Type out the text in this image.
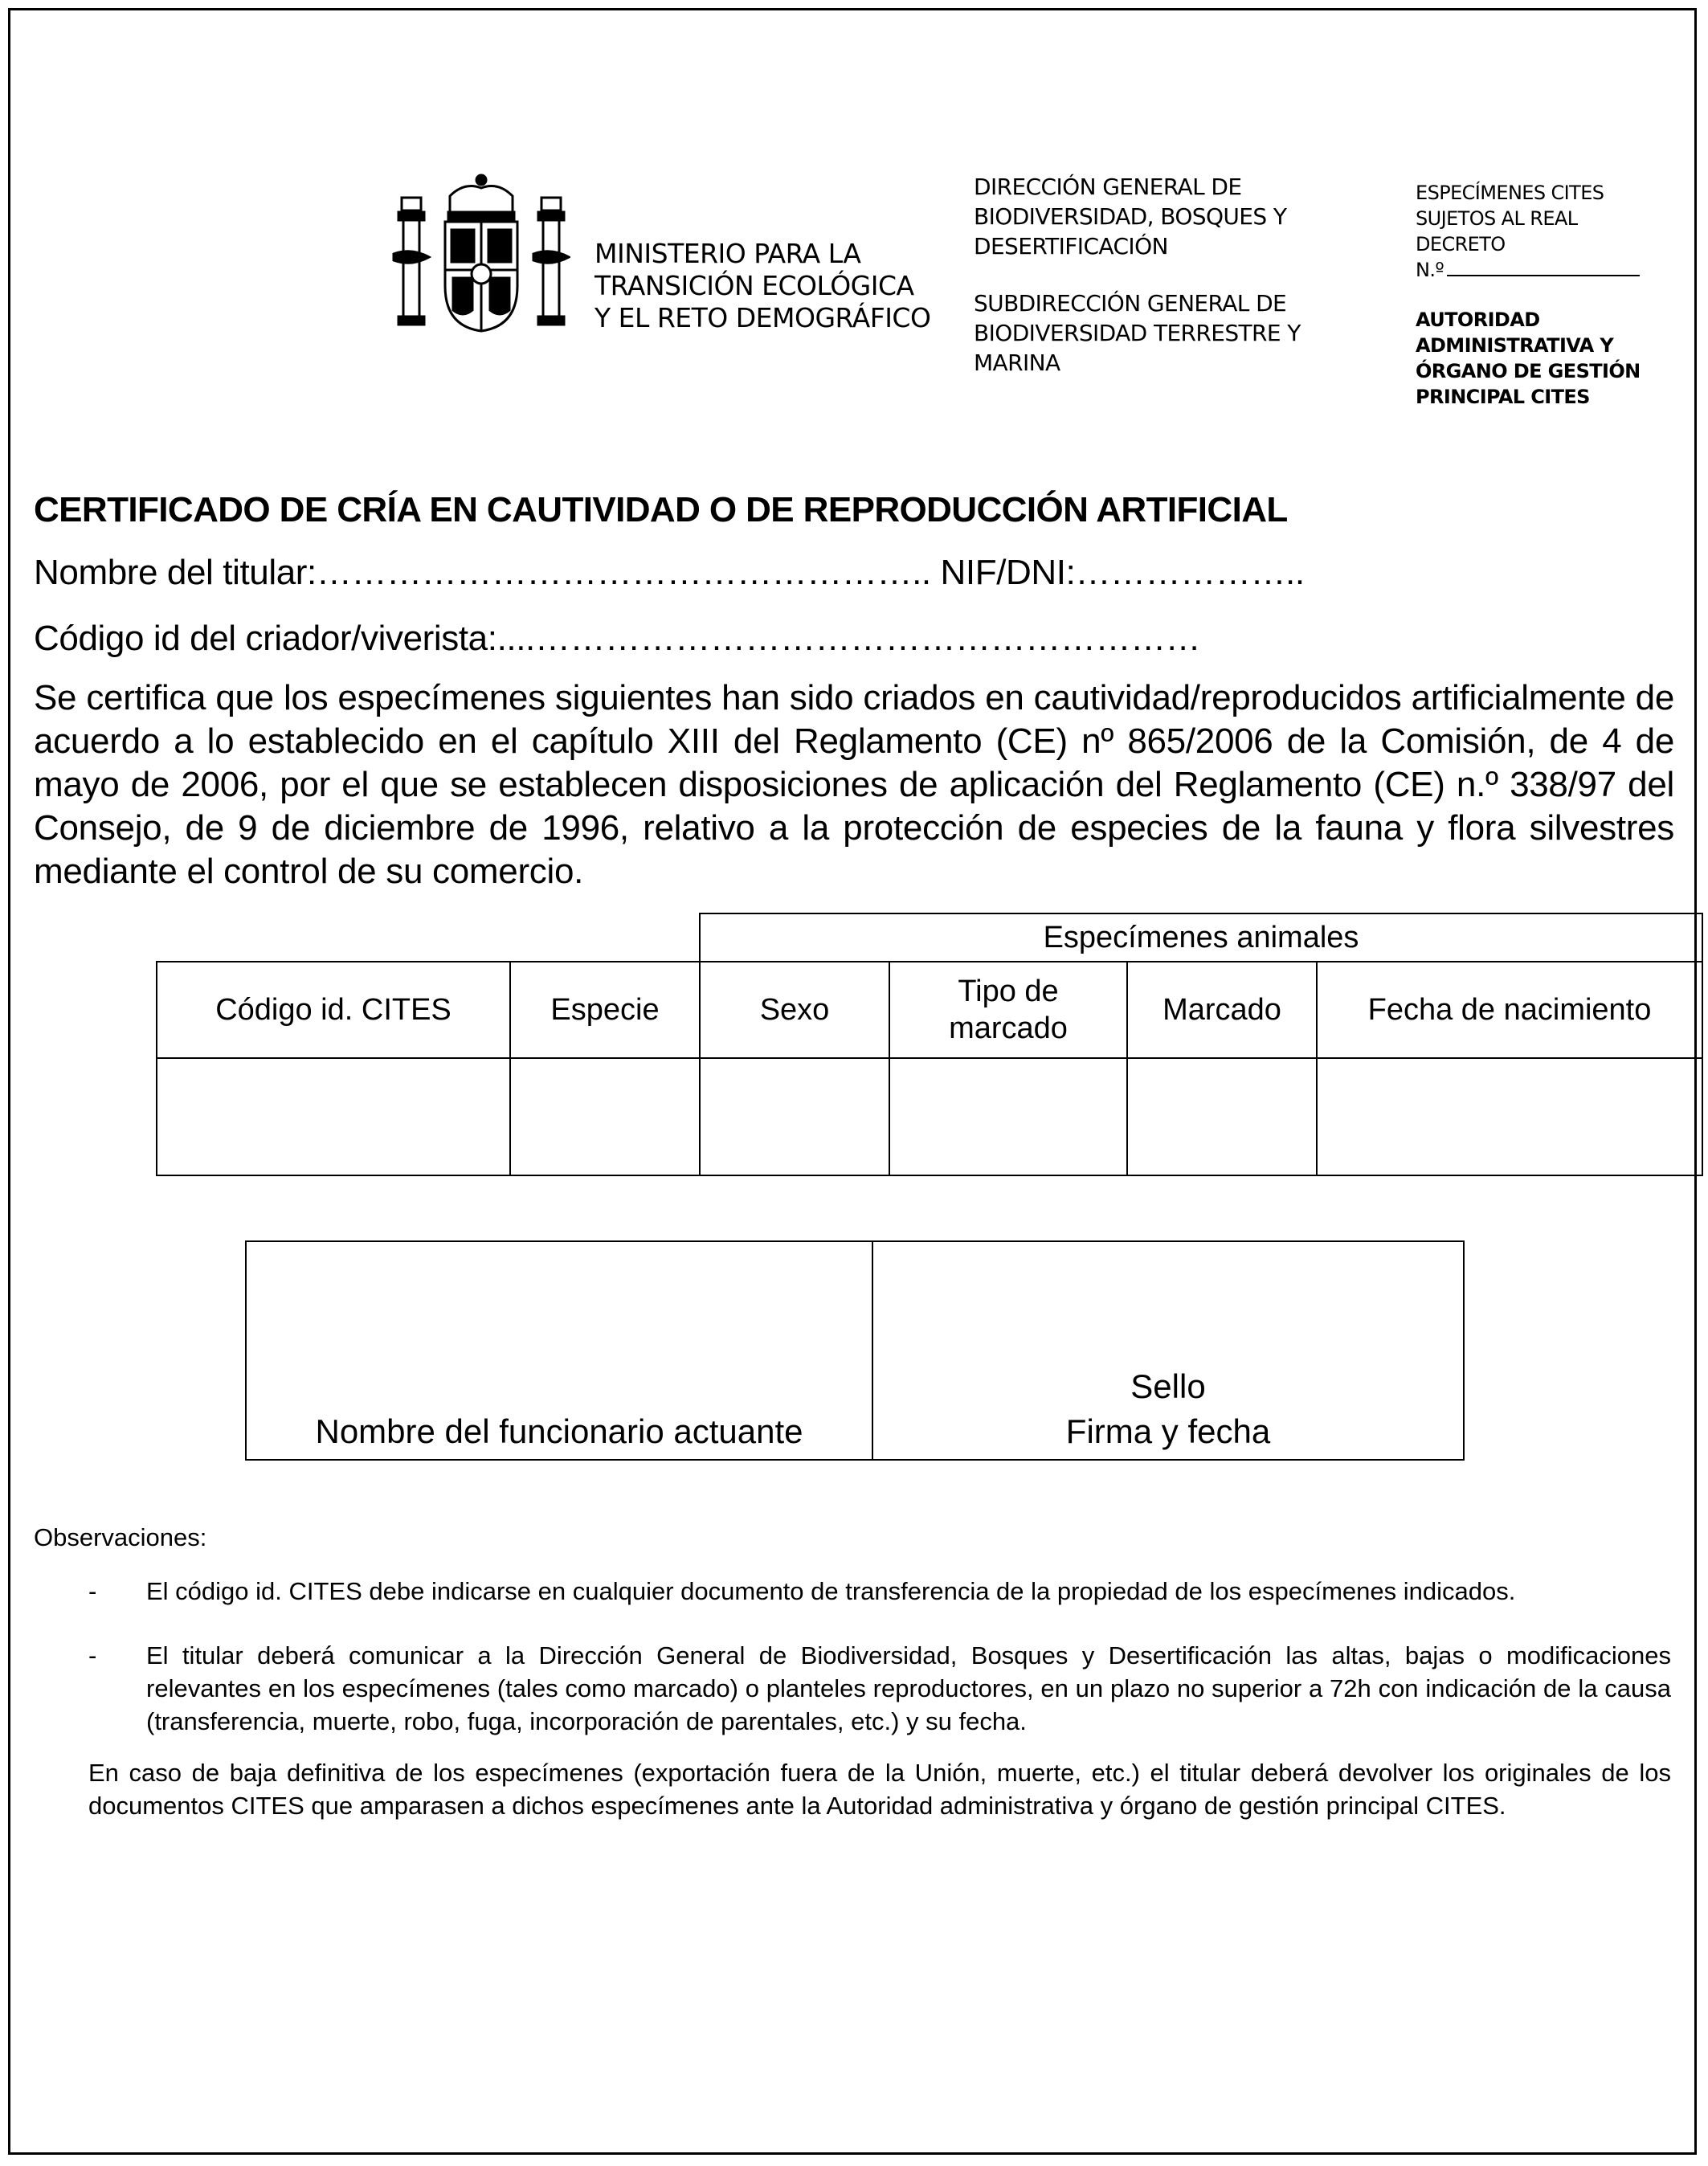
MINISTERIO PARA LA
TRANSICIÓN ECOLÓGICA
Y EL RETO DEMOGRÁFICO
DIRECCIÓN GENERAL DE
BIODIVERSIDAD, BOSQUES Y
DESERTIFICACIÓN
SUBDIRECCIÓN GENERAL DE
BIODIVERSIDAD TERRESTRE Y
MARINA
ESPECÍMENES CITES
SUJETOS AL REAL
DECRETO
N.º
AUTORIDAD
ADMINISTRATIVA Y
ÓRGANO DE GESTIÓN
PRINCIPAL CITES
CERTIFICADO DE CRÍA EN CAUTIVIDAD O DE REPRODUCCIÓN ARTIFICIAL
Nombre del titular:…………………………………………….. NIF/DNI:………………..
Código id del criador/viverista:....…………………………………………………
Se certifica que los especímenes siguientes han sido criados en cautividad/reproducidos artificialmente de acuerdo a lo establecido en el capítulo XIII del Reglamento (CE) nº 865/2006 de la Comisión, de 4 de mayo de 2006, por el que se establecen disposiciones de aplicación del Reglamento (CE) n.º 338/97 del Consejo, de 9 de diciembre de 1996, relativo a la protección de especies de la fauna y flora silvestres mediante el control de su comercio.
		Especímenes animales			
Código id. CITES	Especie	Sexo	Tipo de marcado	Marcado	Fecha de nacimiento

Nombre del funcionario actuante	
Sello
Firma y fecha
Observaciones:
- El código id. CITES debe indicarse en cualquier documento de transferencia de la propiedad de los especímenes indicados.
- El titular deberá comunicar a la Dirección General de Biodiversidad, Bosques y Desertificación las altas, bajas o modificaciones relevantes en los especímenes (tales como marcado) o planteles reproductores, en un plazo no superior a 72h con indicación de la causa (transferencia, muerte, robo, fuga, incorporación de parentales, etc.) y su fecha.
En caso de baja definitiva de los especímenes (exportación fuera de la Unión, muerte, etc.) el titular deberá devolver los originales de los documentos CITES que amparasen a dichos especímenes ante la Autoridad administrativa y órgano de gestión principal CITES.
